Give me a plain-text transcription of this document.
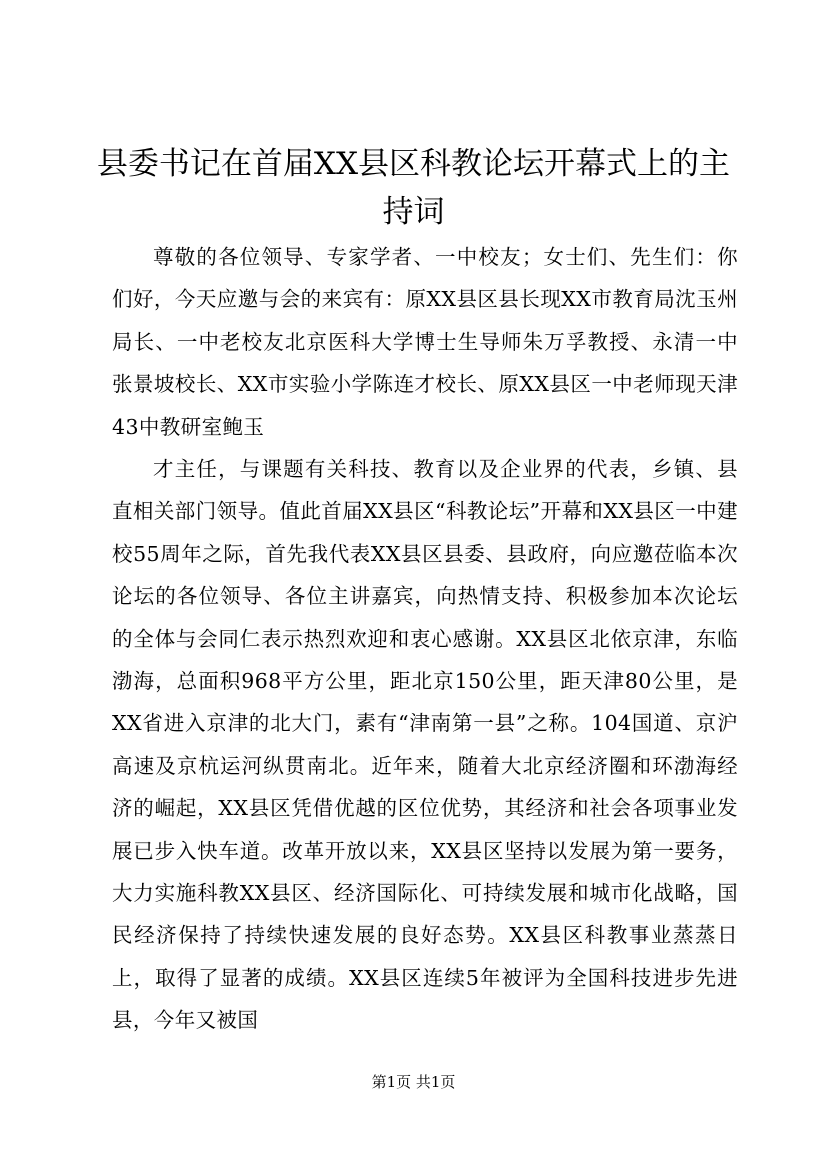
县委书记在首届XX县区科教论坛开幕式上的主持词

尊敬的各位领导、专家学者、一中校友；女士们、先生们：你们好，今天应邀与会的来宾有：原XX县区县长现XX市教育局沈玉州局长、一中老校友北京医科大学博士生导师朱万孚教授、永清一中张景坡校长、XX市实验小学陈连才校长、原XX县区一中老师现天津43中教研室鲍玉

才主任，与课题有关科技、教育以及企业界的代表，乡镇、县直相关部门领导。值此首届XX县区“科教论坛”开幕和XX县区一中建校55周年之际，首先我代表XX县区县委、县政府，向应邀莅临本次论坛的各位领导、各位主讲嘉宾，向热情支持、积极参加本次论坛的全体与会同仁表示热烈欢迎和衷心感谢。XX县区北依京津，东临渤海，总面积968平方公里，距北京150公里，距天津80公里，是XX省进入京津的北大门，素有“津南第一县”之称。104国道、京沪高速及京杭运河纵贯南北。近年来，随着大北京经济圈和环渤海经济的崛起，XX县区凭借优越的区位优势，其经济和社会各项事业发展已步入快车道。改革开放以来，XX县区坚持以发展为第一要务，大力实施科教XX县区、经济国际化、可持续发展和城市化战略，国民经济保持了持续快速发展的良好态势。XX县区科教事业蒸蒸日上，取得了显著的成绩。XX县区连续5年被评为全国科技进步先进县，今年又被国

第1页 共1页
